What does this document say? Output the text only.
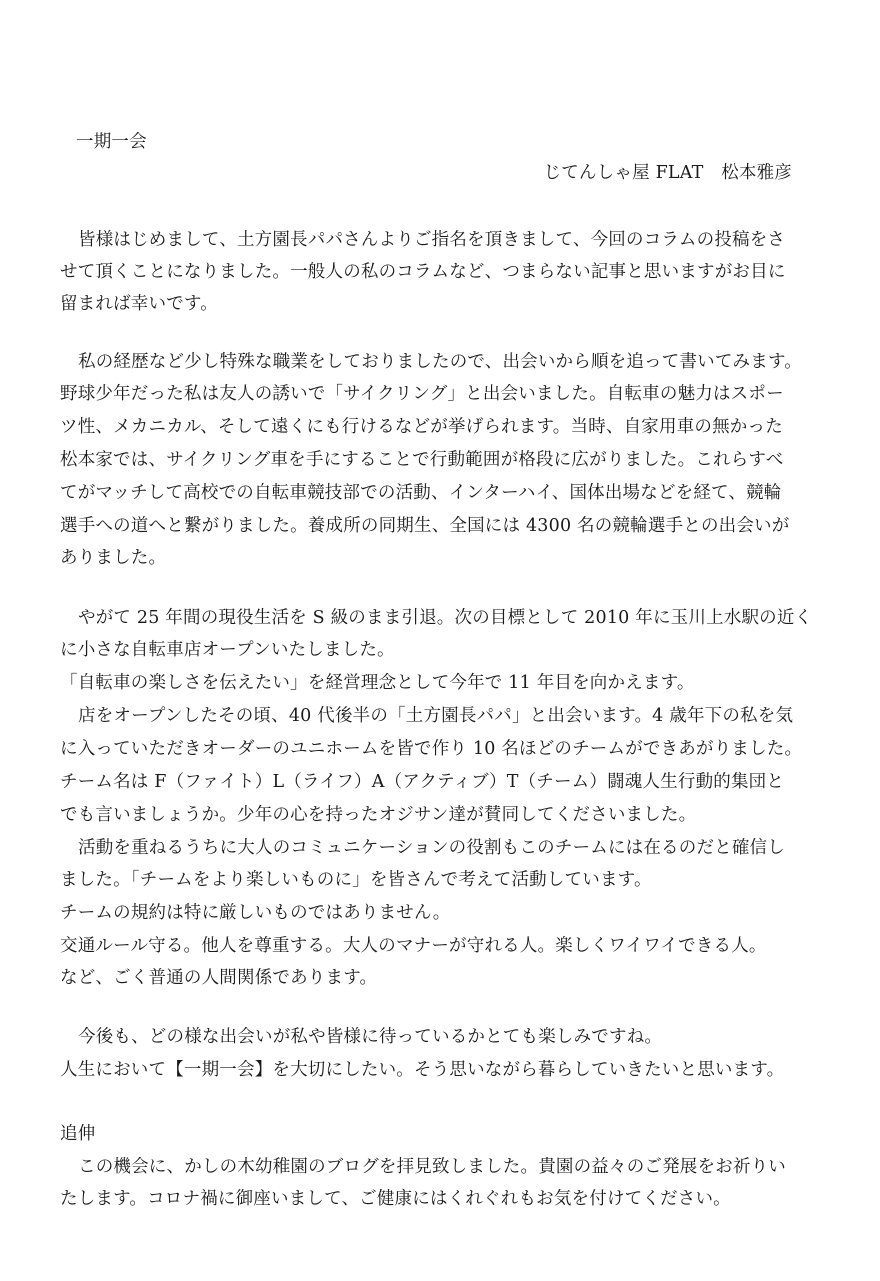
一期一会
じてんしゃ屋 FLAT　松本雅彦
皆様はじめまして、土方園長パパさんよりご指名を頂きまして、今回のコラムの投稿をさ
せて頂くことになりました。一般人の私のコラムなど、つまらない記事と思いますがお目に
留まれば幸いです。
私の経歴など少し特殊な職業をしておりましたので、出会いから順を追って書いてみます。
野球少年だった私は友人の誘いで「サイクリング」と出会いました。自転車の魅力はスポー
ツ性、メカニカル、そして遠くにも行けるなどが挙げられます。当時、自家用車の無かった
松本家では、サイクリング車を手にすることで行動範囲が格段に広がりました。これらすべ
てがマッチして高校での自転車競技部での活動、インターハイ、国体出場などを経て、競輪
選手への道へと繋がりました。養成所の同期生、全国には 4300 名の競輪選手との出会いが
ありました。
やがて 25 年間の現役生活を S 級のまま引退。次の目標として 2010 年に玉川上水駅の近く
に小さな自転車店オープンいたしました。
「自転車の楽しさを伝えたい」を経営理念として今年で 11 年目を向かえます。
店をオープンしたその頃、40 代後半の「土方園長パパ」と出会います。4 歳年下の私を気
に入っていただきオーダーのユニホームを皆で作り 10 名ほどのチームができあがりました。
チーム名は F（ファイト）L（ライフ）A（アクティブ）T（チーム）闘魂人生行動的集団と
でも言いましょうか。少年の心を持ったオジサン達が賛同してくださいました。
活動を重ねるうちに大人のコミュニケーションの役割もこのチームには在るのだと確信し
ました。「チームをより楽しいものに」を皆さんで考えて活動しています。
チームの規約は特に厳しいものではありません。
交通ルール守る。他人を尊重する。大人のマナーが守れる人。楽しくワイワイできる人。
など、ごく普通の人間関係であります。
今後も、どの様な出会いが私や皆様に待っているかとても楽しみですね。
人生において【一期一会】を大切にしたい。そう思いながら暮らしていきたいと思います。
追伸
この機会に、かしの木幼稚園のブログを拝見致しました。貴園の益々のご発展をお祈りい
たします。コロナ禍に御座いまして、ご健康にはくれぐれもお気を付けてください。
